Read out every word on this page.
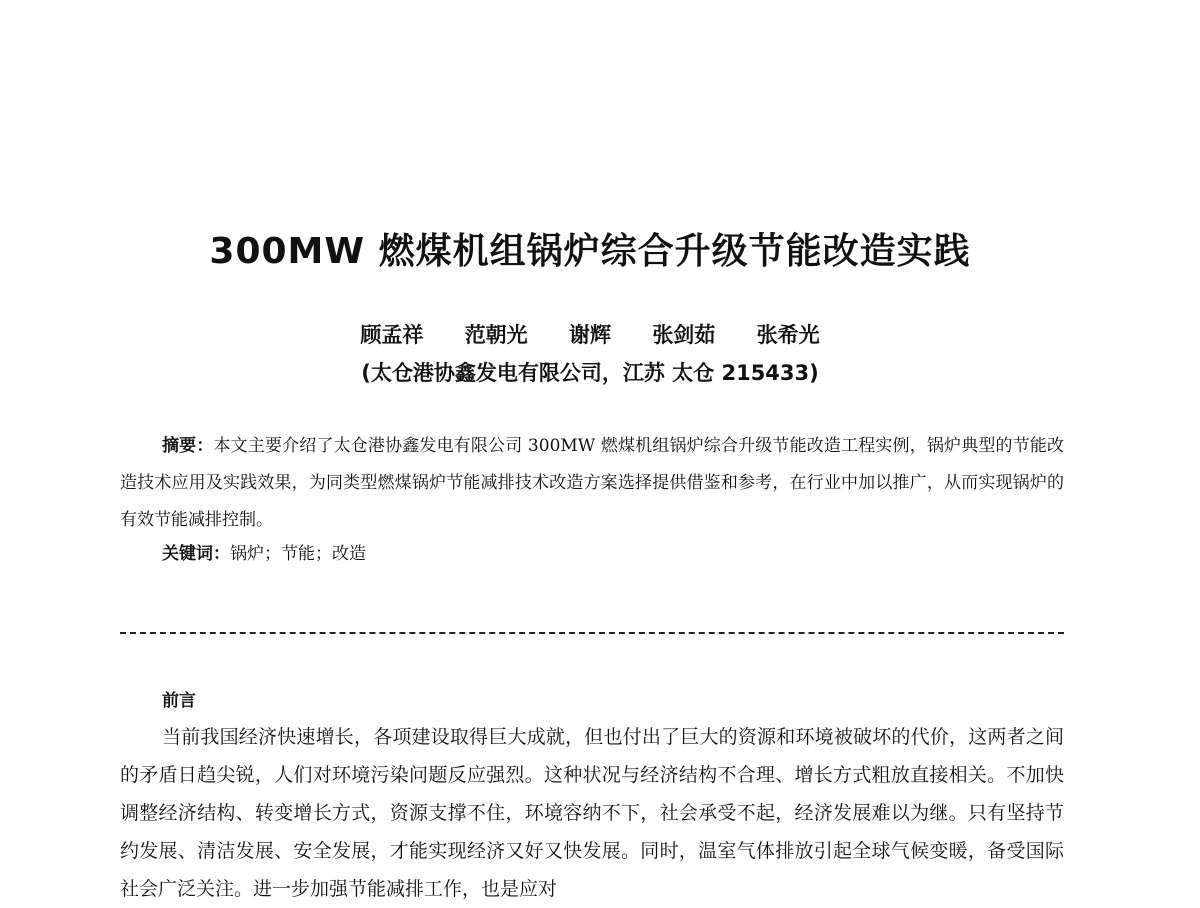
300MW 燃煤机组锅炉综合升级节能改造实践
顾孟祥 范朝光 谢辉 张剑茹 张希光

(太仓港协鑫发电有限公司，江苏 太仓 215433)

摘要：本文主要介绍了太仓港协鑫发电有限公司 300MW 燃煤机组锅炉综合升级节能改造工程实例，锅炉典型的节能改造技术应用及实践效果，为同类型燃煤锅炉节能减排技术改造方案选择提供借鉴和参考，在行业中加以推广，从而实现锅炉的有效节能减排控制。

关键词：锅炉；节能；改造

前言

当前我国经济快速增长，各项建设取得巨大成就，但也付出了巨大的资源和环境被破坏的代价，这两者之间的矛盾日趋尖锐，人们对环境污染问题反应强烈。这种状况与经济结构不合理、增长方式粗放直接相关。不加快调整经济结构、转变增长方式，资源支撑不住，环境容纳不下，社会承受不起，经济发展难以为继。只有坚持节约发展、清洁发展、安全发展，才能实现经济又好又快发展。同时，温室气体排放引起全球气候变暖，备受国际社会广泛关注。进一步加强节能减排工作，也是应对
